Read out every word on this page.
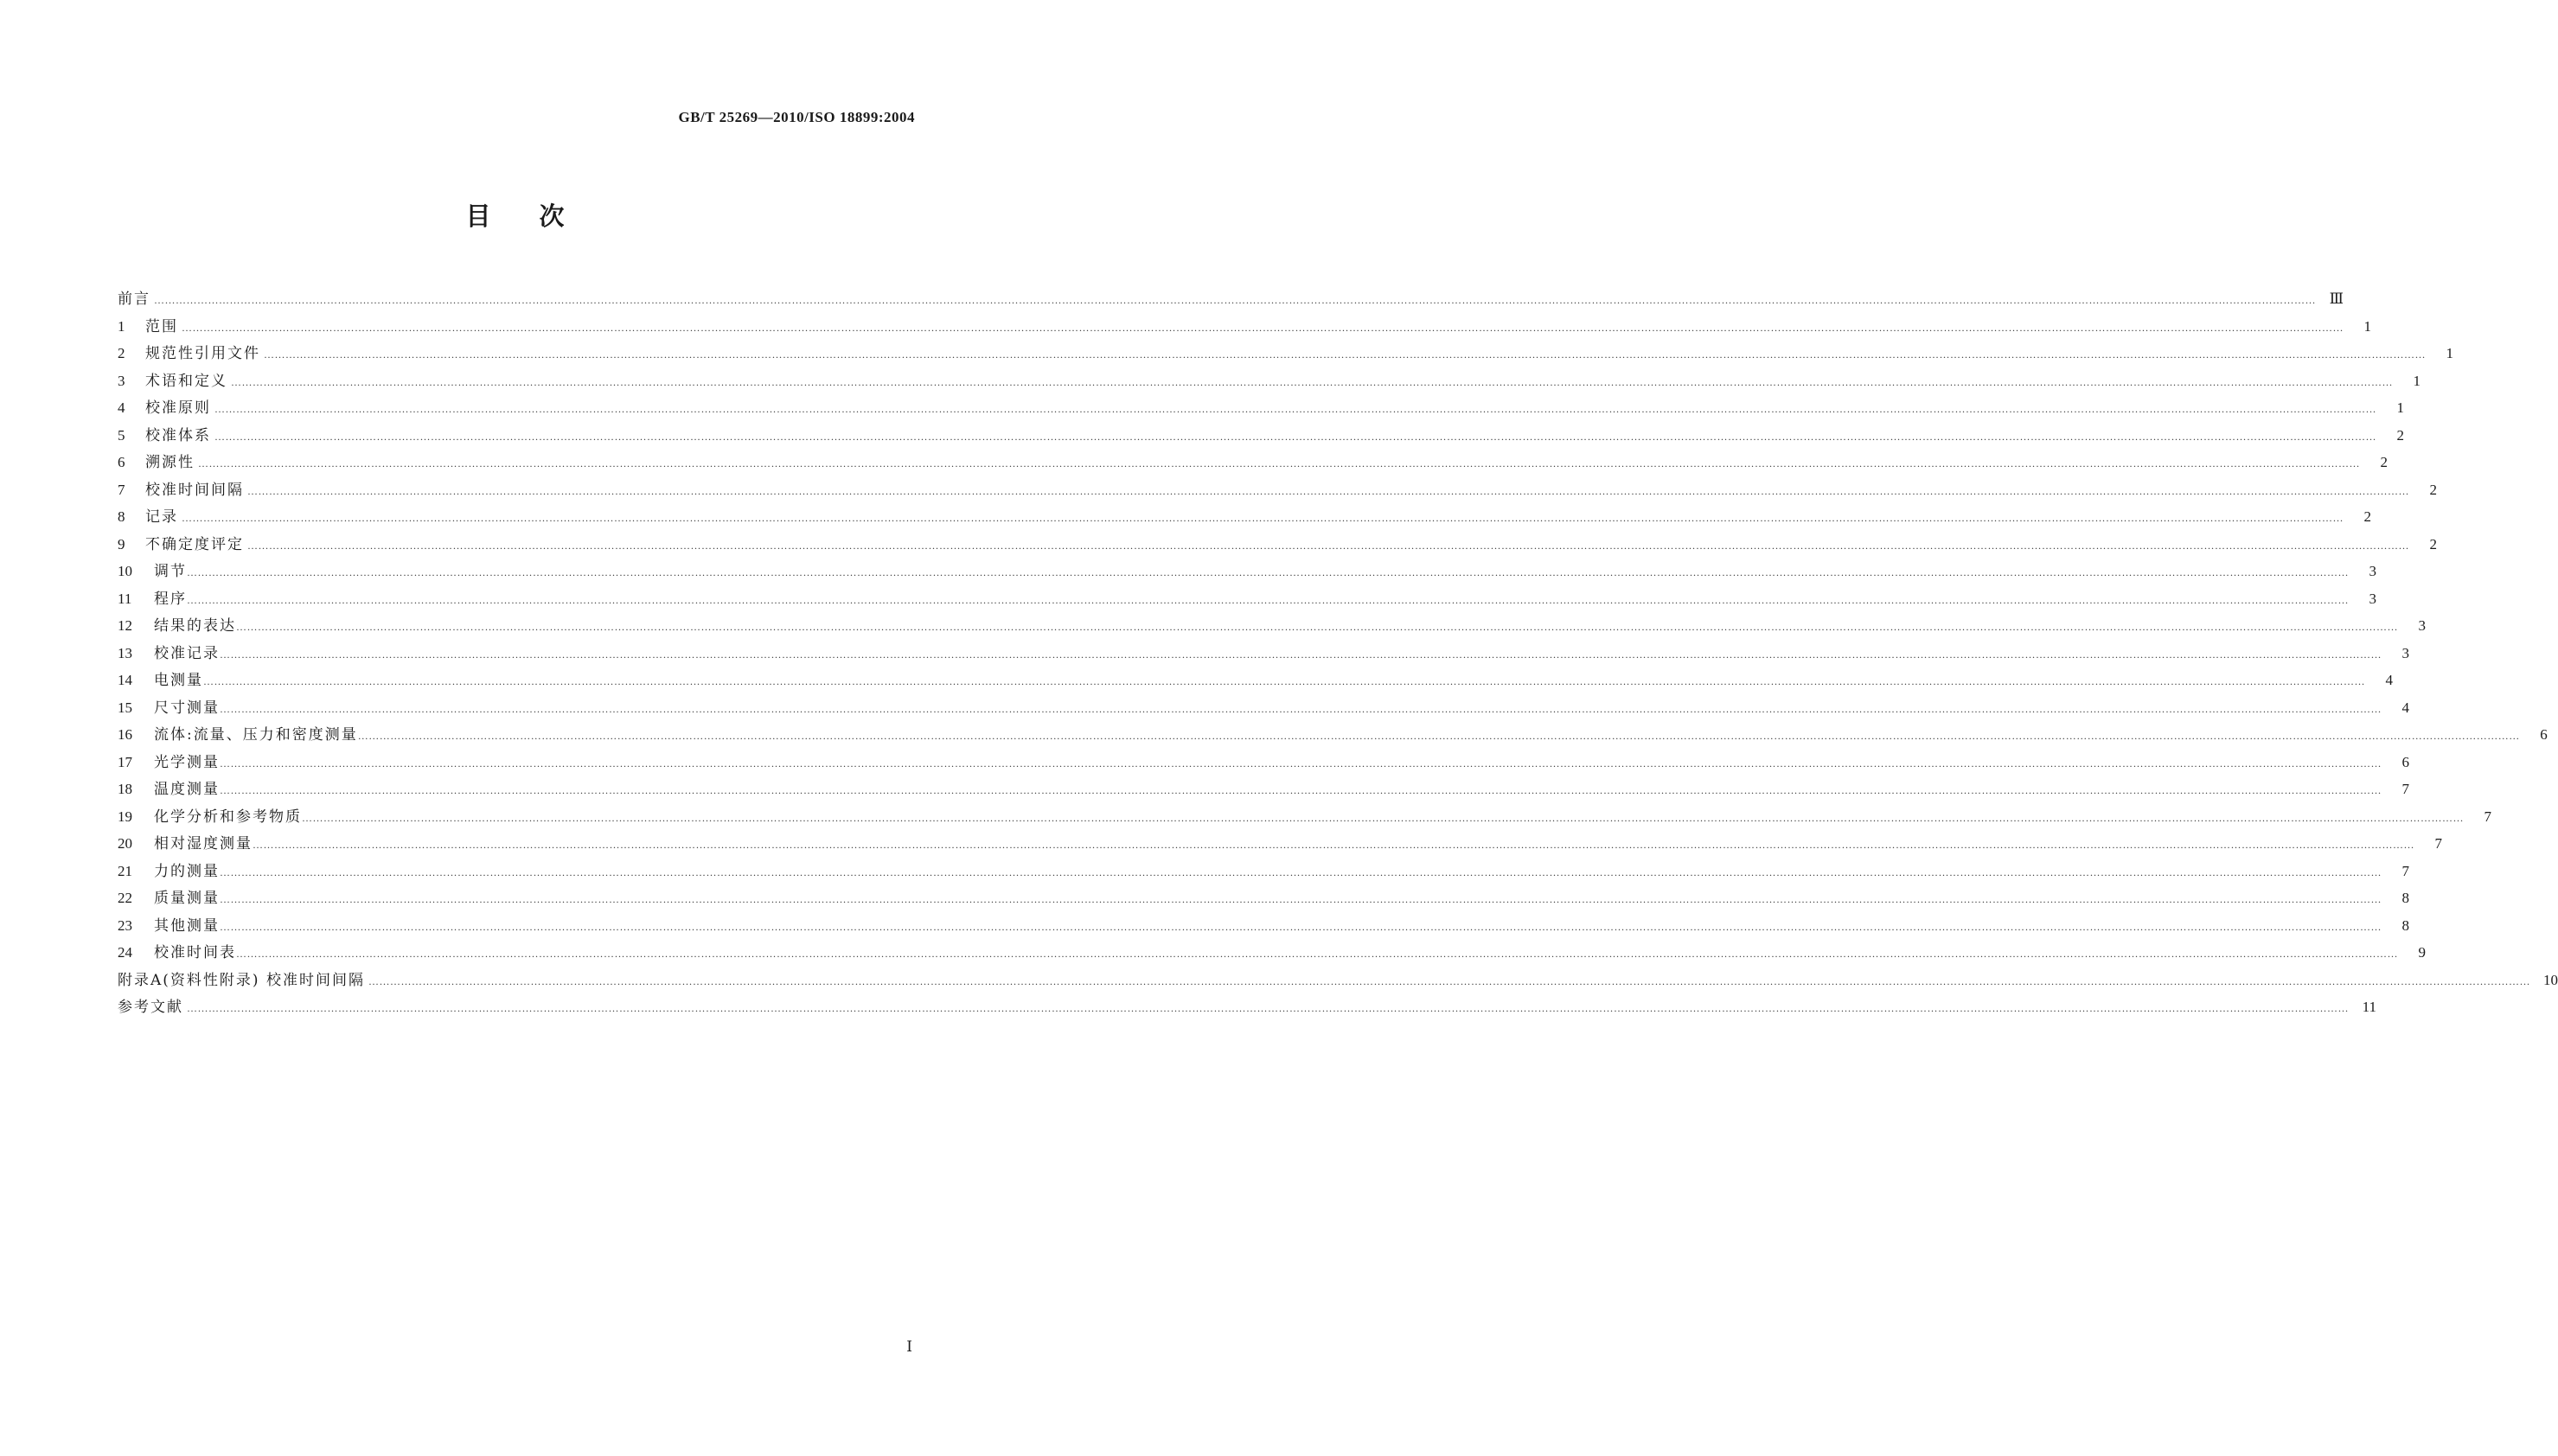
GB/T 25269—2010/ISO 18899:2004
目次
前言 …………………………………………………………………………………………………………………………………………………………………………………………………………………………………………………………………………………………………………………………………………………………………………………………………………………………………………………………………………………………………………………………………………………… Ⅲ
1	范围 ……………………………………………………………………………………………………………………………………………………………………………………………………………………………………………………………………………………………………………………………………………………………………………………………………………………………………………………………………………………………………………………………………………………	1
2	规范性引用文件 ……………………………………………………………………………………………………………………………………………………………………………………………………………………………………………………………………………………………………………………………………………………………………………………………………………………………………………………………………………………………………………………………………………………	1
3	术语和定义 ……………………………………………………………………………………………………………………………………………………………………………………………………………………………………………………………………………………………………………………………………………………………………………………………………………………………………………………………………………………………………………………………………………………	1
4	校准原则 ……………………………………………………………………………………………………………………………………………………………………………………………………………………………………………………………………………………………………………………………………………………………………………………………………………………………………………………………………………………………………………………………………………………	1
5	校准体系 ……………………………………………………………………………………………………………………………………………………………………………………………………………………………………………………………………………………………………………………………………………………………………………………………………………………………………………………………………………………………………………………………………………………	2
6	溯源性 ……………………………………………………………………………………………………………………………………………………………………………………………………………………………………………………………………………………………………………………………………………………………………………………………………………………………………………………………………………………………………………………………………………………	2
7	校准时间间隔 ……………………………………………………………………………………………………………………………………………………………………………………………………………………………………………………………………………………………………………………………………………………………………………………………………………………………………………………………………………………………………………………………………………………	2
8	记录 ……………………………………………………………………………………………………………………………………………………………………………………………………………………………………………………………………………………………………………………………………………………………………………………………………………………………………………………………………………………………………………………………………………………	2
9	不确定度评定 ……………………………………………………………………………………………………………………………………………………………………………………………………………………………………………………………………………………………………………………………………………………………………………………………………………………………………………………………………………………………………………………………………………………	2
10	调节 ……………………………………………………………………………………………………………………………………………………………………………………………………………………………………………………………………………………………………………………………………………………………………………………………………………………………………………………………………………………………………………………………………………………	3
11	程序 ……………………………………………………………………………………………………………………………………………………………………………………………………………………………………………………………………………………………………………………………………………………………………………………………………………………………………………………………………………………………………………………………………………………	3
12	结果的表达 ……………………………………………………………………………………………………………………………………………………………………………………………………………………………………………………………………………………………………………………………………………………………………………………………………………………………………………………………………………………………………………………………………………………	3
13	校准记录 ……………………………………………………………………………………………………………………………………………………………………………………………………………………………………………………………………………………………………………………………………………………………………………………………………………………………………………………………………………………………………………………………………………………	3
14	电测量 ……………………………………………………………………………………………………………………………………………………………………………………………………………………………………………………………………………………………………………………………………………………………………………………………………………………………………………………………………………………………………………………………………………………	4
15	尺寸测量 ……………………………………………………………………………………………………………………………………………………………………………………………………………………………………………………………………………………………………………………………………………………………………………………………………………………………………………………………………………………………………………………………………………………	4
16	流体:流量、压力和密度测量 ……………………………………………………………………………………………………………………………………………………………………………………………………………………………………………………………………………………………………………………………………………………………………………………………………………………………………………………………………………………………………………………………………………………	6
17	光学测量 ……………………………………………………………………………………………………………………………………………………………………………………………………………………………………………………………………………………………………………………………………………………………………………………………………………………………………………………………………………………………………………………………………………………	6
18	温度测量 ……………………………………………………………………………………………………………………………………………………………………………………………………………………………………………………………………………………………………………………………………………………………………………………………………………………………………………………………………………………………………………………………………………………	7
19	化学分析和参考物质 ……………………………………………………………………………………………………………………………………………………………………………………………………………………………………………………………………………………………………………………………………………………………………………………………………………………………………………………………………………………………………………………………………………………	7
20	相对湿度测量 ……………………………………………………………………………………………………………………………………………………………………………………………………………………………………………………………………………………………………………………………………………………………………………………………………………………………………………………………………………………………………………………………………………………	7
21	力的测量 ……………………………………………………………………………………………………………………………………………………………………………………………………………………………………………………………………………………………………………………………………………………………………………………………………………………………………………………………………………………………………………………………………………………	7
22	质量测量 ……………………………………………………………………………………………………………………………………………………………………………………………………………………………………………………………………………………………………………………………………………………………………………………………………………………………………………………………………………………………………………………………………………………	8
23	其他测量 ……………………………………………………………………………………………………………………………………………………………………………………………………………………………………………………………………………………………………………………………………………………………………………………………………………………………………………………………………………………………………………………………………………………	8
24	校准时间表 ……………………………………………………………………………………………………………………………………………………………………………………………………………………………………………………………………………………………………………………………………………………………………………………………………………………………………………………………………………………………………………………………………………………	9
附录A(资料性附录) 校准时间间隔 …………………………………………………………………………………………………………………………………………………………………………………………………………………………………………………………………………………………………………………………………………………………………………………………………………………………………………………………………………………………………………………………………………………… 10
参考文献 …………………………………………………………………………………………………………………………………………………………………………………………………………………………………………………………………………………………………………………………………………………………………………………………………………………………………………………………………………………………………………………………………………………… 11
Ⅰ
